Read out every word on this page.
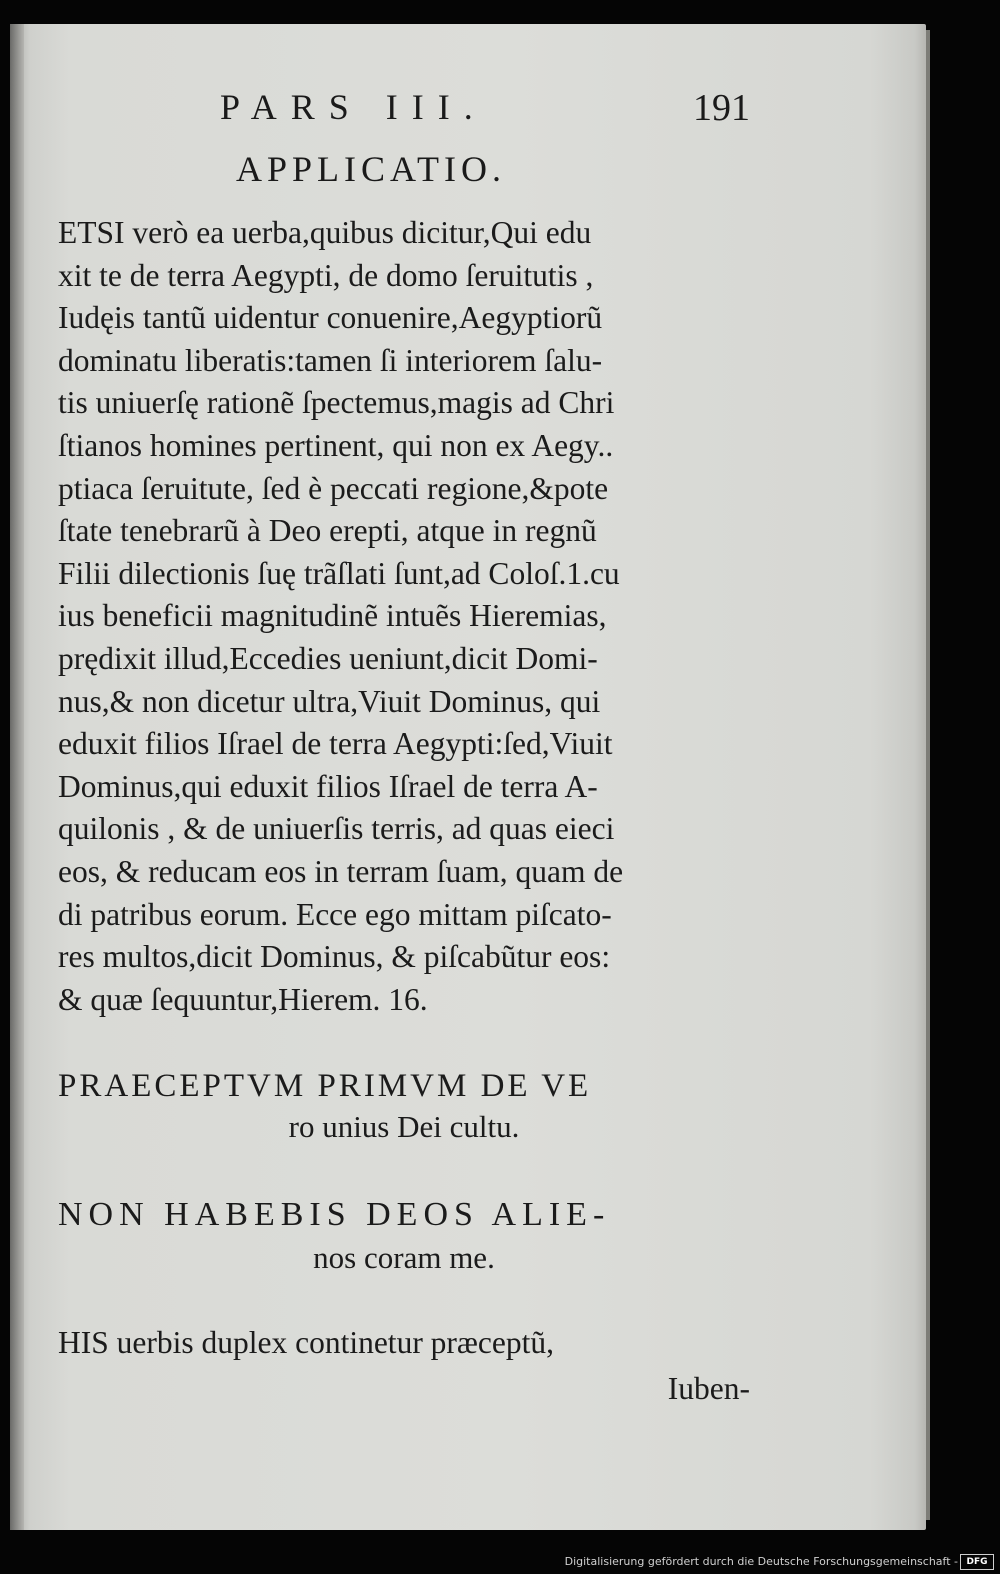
PARS III.	191
APPLICATIO.
ETSI verò ea uerba,quibus dicitur,Qui edu
xit te de terra Aegypti, de domo ſeruitutis ,
Iudęis tantũ uidentur conuenire,Aegyptiorũ
dominatu liberatis:tamen ſi interiorem ſalu-
tis uniuerſę rationẽ ſpectemus,magis ad Chri
ſtianos homines pertinent, qui non ex Aegy..
ptiaca ſeruitute, ſed è peccati regione,&pote
ſtate tenebrarũ à Deo erepti, atque in regnũ
Filii dilectionis ſuę trãſlati ſunt,ad Coloſ.1.cu
ius beneficii magnitudinẽ intuẽs Hieremias,
prędixit illud,Eccedies ueniunt,dicit Domi-
nus,& non dicetur ultra,Viuit Dominus, qui
eduxit filios Iſrael de terra Aegypti:ſed,Viuit
Dominus,qui eduxit filios Iſrael de terra A-
quilonis , & de uniuerſis terris, ad quas eieci
eos, & reducam eos in terram ſuam, quam de
di patribus eorum. Ecce ego mittam piſcato-
res multos,dicit Dominus, & piſcabũtur eos:
& quæ ſequuntur,Hierem. 16.
PRAECEPTVM PRIMVM DE VE
ro unius Dei cultu.
NON HABEBIS DEOS ALIE-
nos coram me.
HIS uerbis duplex continetur præceptũ,
Iuben-
Digitalisierung gefördert durch die Deutsche Forschungsgemeinschaft - DFG
